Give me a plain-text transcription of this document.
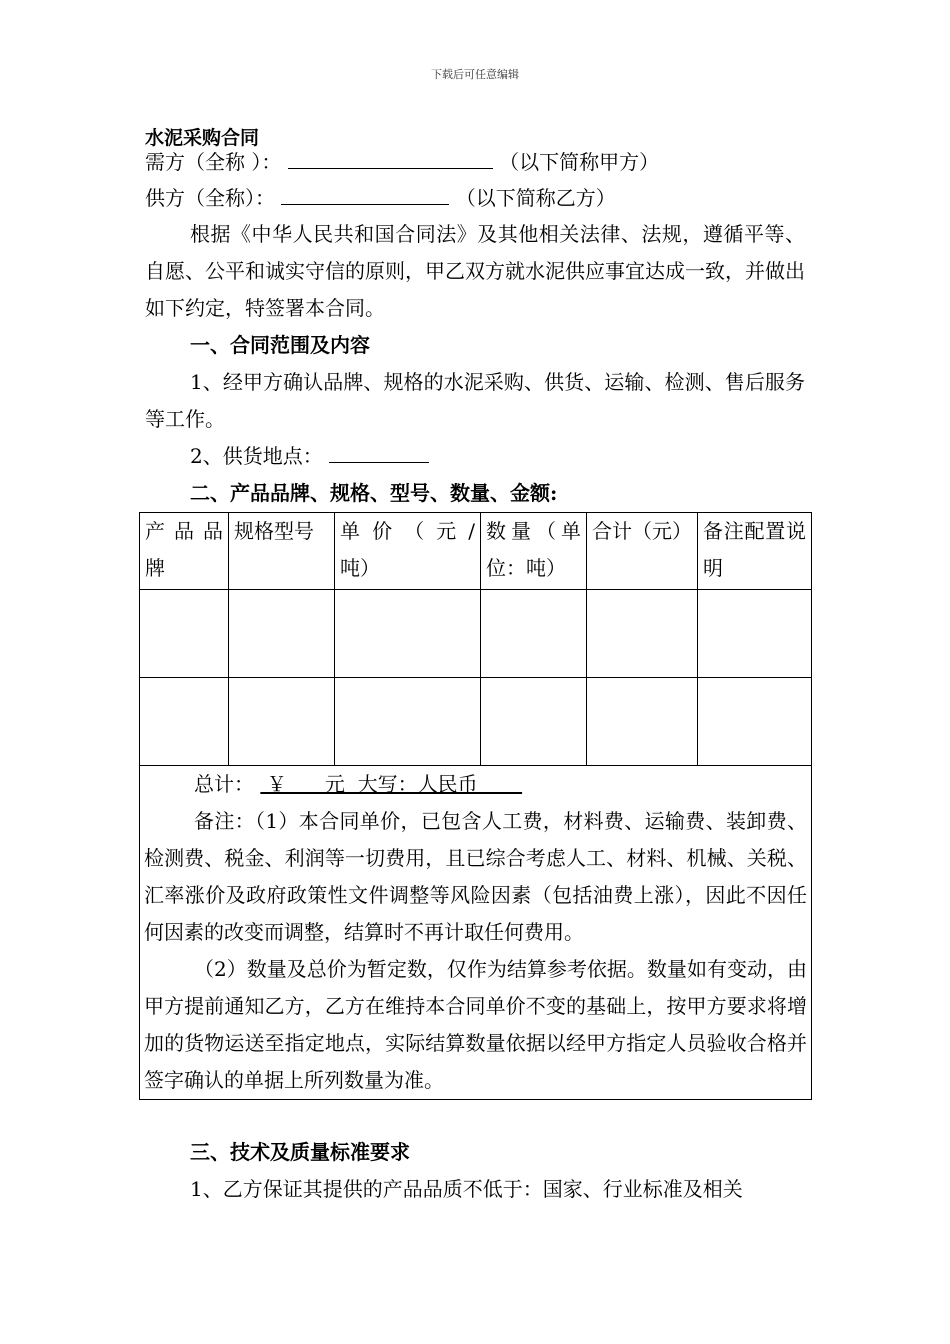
下载后可任意编辑
水泥采购合同
需方（全称 ）：	（以下简称甲方）
供方（全称）：	（以下简称乙方）
根据《中华人民共和国合同法》及其他相关法律、法规，遵循平等、自愿、公平和诚实守信的原则，甲乙双方就水泥供应事宜达成一致，并做出如下约定，特签署本合同。
一、合同范围及内容
1、经甲方确认品牌、规格的水泥采购、供货、运输、检测、售后服务等工作。
2、供货地点：
二、产品品牌、规格、型号、数量、金额:
产品品牌	规格型号	单 价 （ 元 / 吨）	数量（单位：吨）	合计（元）	备注配置说明

总计：  ￥      元  大写：人民币

备注：（1）本合同单价，已包含人工费，材料费、运输费、装卸费、检测费、税金、利润等一切费用，且已综合考虑人工、材料、机械、关税、汇率涨价及政府政策性文件调整等风险因素（包括油费上涨），因此不因任何因素的改变而调整，结算时不再计取任何费用。

（2）数量及总价为暂定数，仅作为结算参考依据。数量如有变动，由甲方提前通知乙方，乙方在维持本合同单价不变的基础上，按甲方要求将增加的货物运送至指定地点，实际结算数量依据以经甲方指定人员验收合格并签字确认的单据上所列数量为准。					

三、技术及质量标准要求
1、乙方保证其提供的产品品质不低于：国家、行业标准及相关
